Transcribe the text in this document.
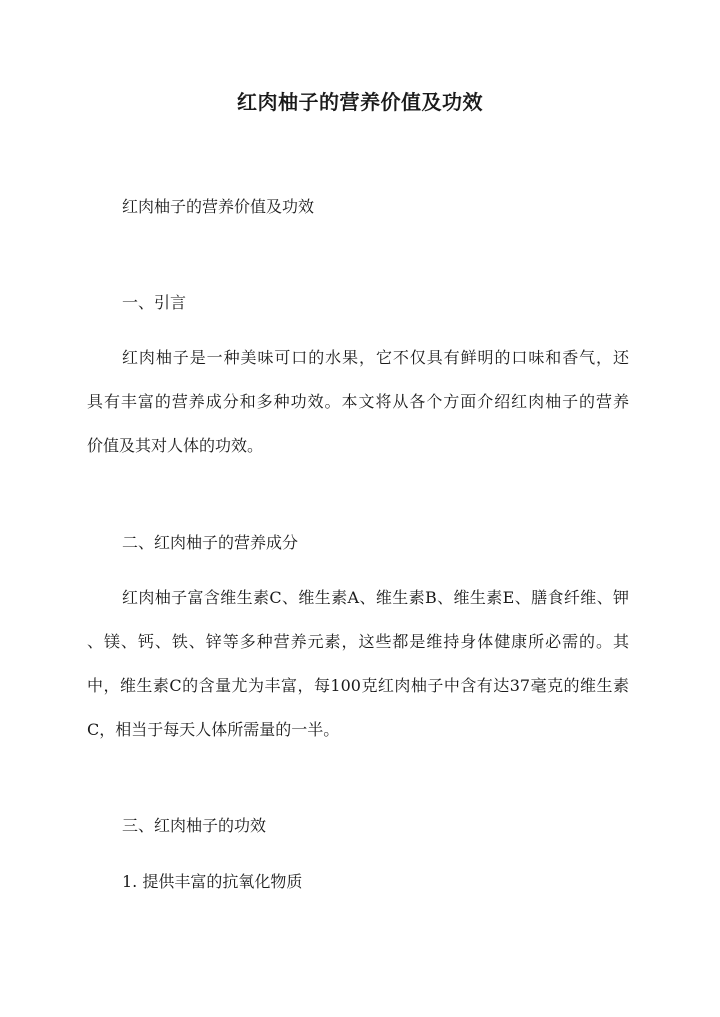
红肉柚子的营养价值及功效
红肉柚子的营养价值及功效
一、引言
红肉柚子是一种美味可口的水果，它不仅具有鲜明的口味和香气，还
具有丰富的营养成分和多种功效。本文将从各个方面介绍红肉柚子的营养
价值及其对人体的功效。
二、红肉柚子的营养成分
红肉柚子富含维生素C、维生素A、维生素B、维生素E、膳食纤维、钾
、镁、钙、铁、锌等多种营养元素，这些都是维持身体健康所必需的。其
中，维生素C的含量尤为丰富，每100克红肉柚子中含有达37毫克的维生素
C，相当于每天人体所需量的一半。
三、红肉柚子的功效
1. 提供丰富的抗氧化物质
